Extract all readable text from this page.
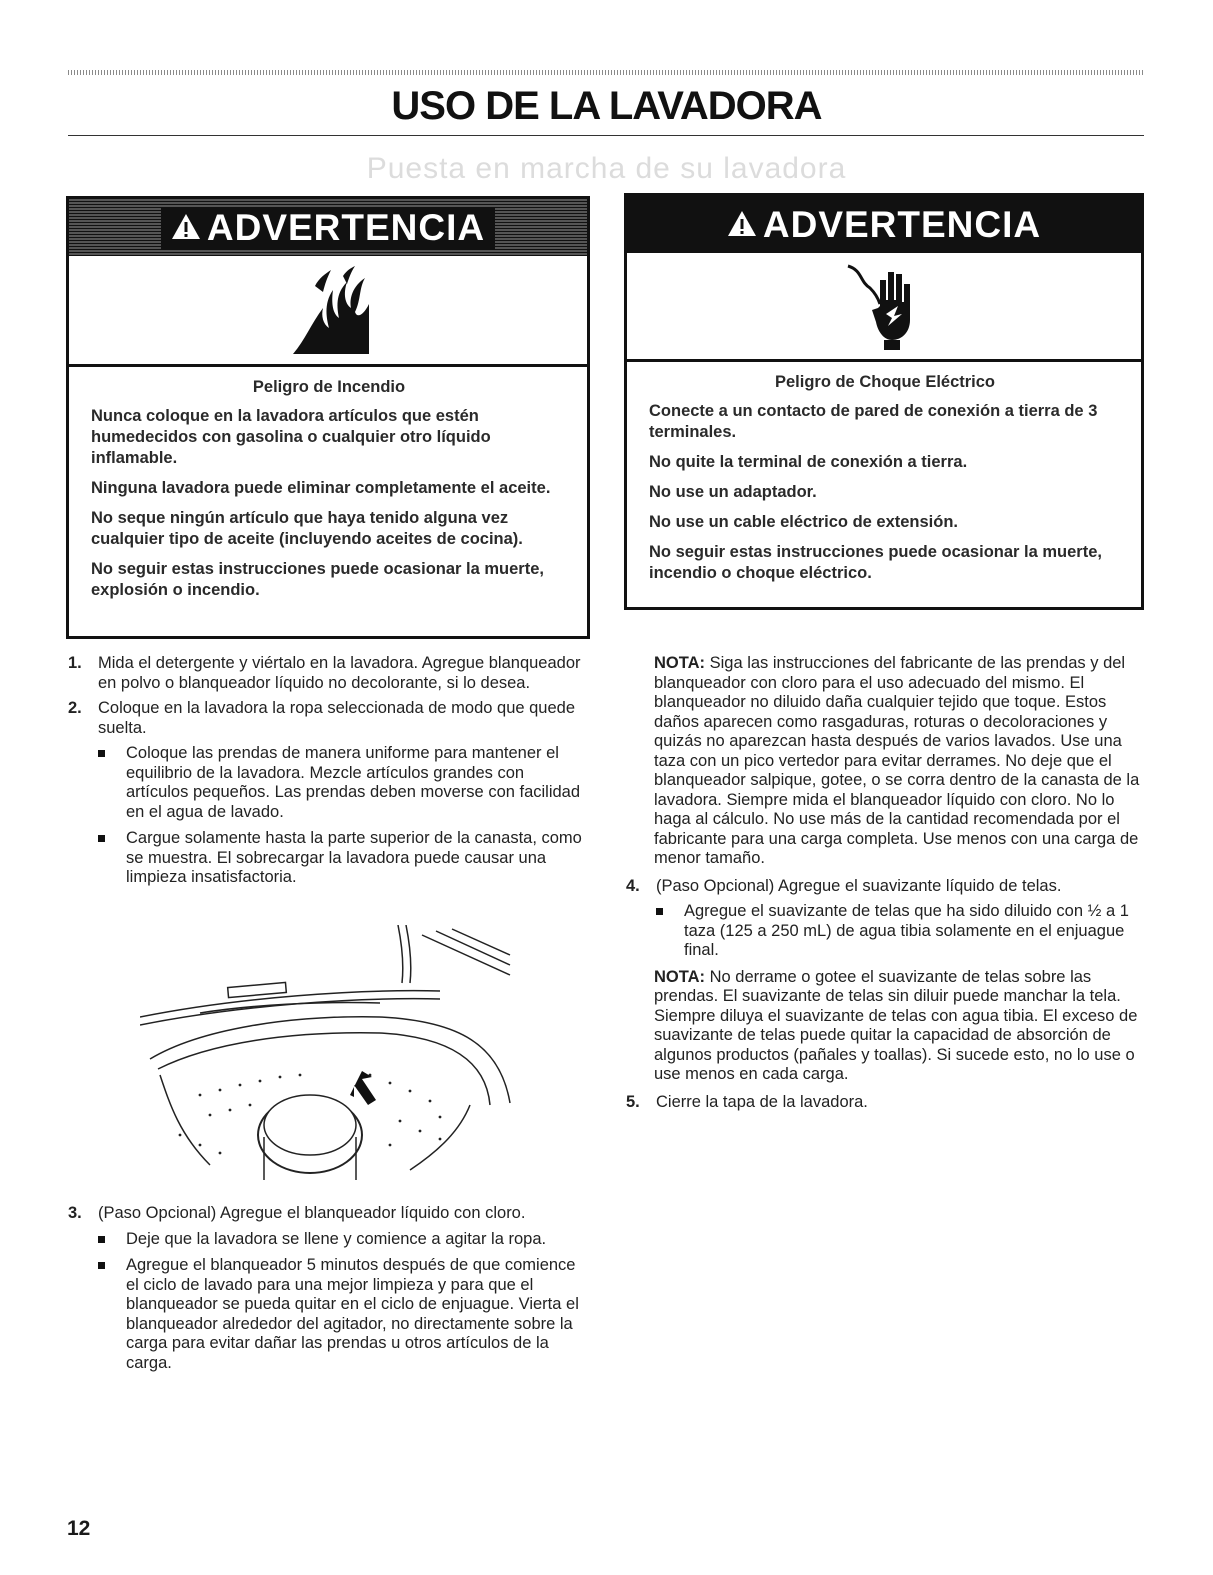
USO DE LA LAVADORA
Puesta en marcha de su lavadora
ADVERTENCIA
Peligro de Incendio

Nunca coloque en la lavadora artículos que estén humedecidos con gasolina o cualquier otro líquido inflamable.

Ninguna lavadora puede eliminar completamente el aceite.

No seque ningún artículo que haya tenido alguna vez cualquier tipo de aceite (incluyendo aceites de cocina).

No seguir estas instrucciones puede ocasionar la muerte, explosión o incendio.

ADVERTENCIA
Peligro de Choque Eléctrico

Conecte a un contacto de pared de conexión a tierra de 3 terminales.

No quite la terminal de conexión a tierra.

No use un adaptador.

No use un cable eléctrico de extensión.

No seguir estas instrucciones puede ocasionar la muerte, incendio o choque eléctrico.

1. Mida el detergente y viértalo en la lavadora. Agregue blanqueador en polvo o blanqueador líquido no decolorante, si lo desea.
2. Coloque en la lavadora la ropa seleccionada de modo que quede suelta.
Coloque las prendas de manera uniforme para mantener el equilibrio de la lavadora. Mezcle artículos grandes con artículos pequeños. Las prendas deben moverse con facilidad en el agua de lavado.
Cargue solamente hasta la parte superior de la canasta, como se muestra. El sobrecargar la lavadora puede causar una limpieza insatisfactoria.
3. (Paso Opcional) Agregue el blanqueador líquido con cloro.
Deje que la lavadora se llene y comience a agitar la ropa.
Agregue el blanqueador 5 minutos después de que comience el ciclo de lavado para una mejor limpieza y para que el blanqueador se pueda quitar en el ciclo de enjuague. Vierta el blanqueador alrededor del agitador, no directamente sobre la carga para evitar dañar las prendas u otros artículos de la carga.
NOTA: Siga las instrucciones del fabricante de las prendas y del blanqueador con cloro para el uso adecuado del mismo. El blanqueador no diluido daña cualquier tejido que toque. Estos daños aparecen como rasgaduras, roturas o decoloraciones y quizás no aparezcan hasta después de varios lavados. Use una taza con un pico vertedor para evitar derrames. No deje que el blanqueador salpique, gotee, o se corra dentro de la canasta de la lavadora. Siempre mida el blanqueador líquido con cloro. No lo haga al cálculo. No use más de la cantidad recomendada por el fabricante para una carga completa. Use menos con una carga de menor tamaño.
4. (Paso Opcional) Agregue el suavizante líquido de telas.
Agregue el suavizante de telas que ha sido diluido con ½ a 1 taza (125 a 250 mL) de agua tibia solamente en el enjuague final.
NOTA: No derrame o gotee el suavizante de telas sobre las prendas. El suavizante de telas sin diluir puede manchar la tela. Siempre diluya el suavizante de telas con agua tibia. El exceso de suavizante de telas puede quitar la capacidad de absorción de algunos productos (pañales y toallas). Si sucede esto, no lo use o use menos en cada carga.
5. Cierre la tapa de la lavadora.
12
